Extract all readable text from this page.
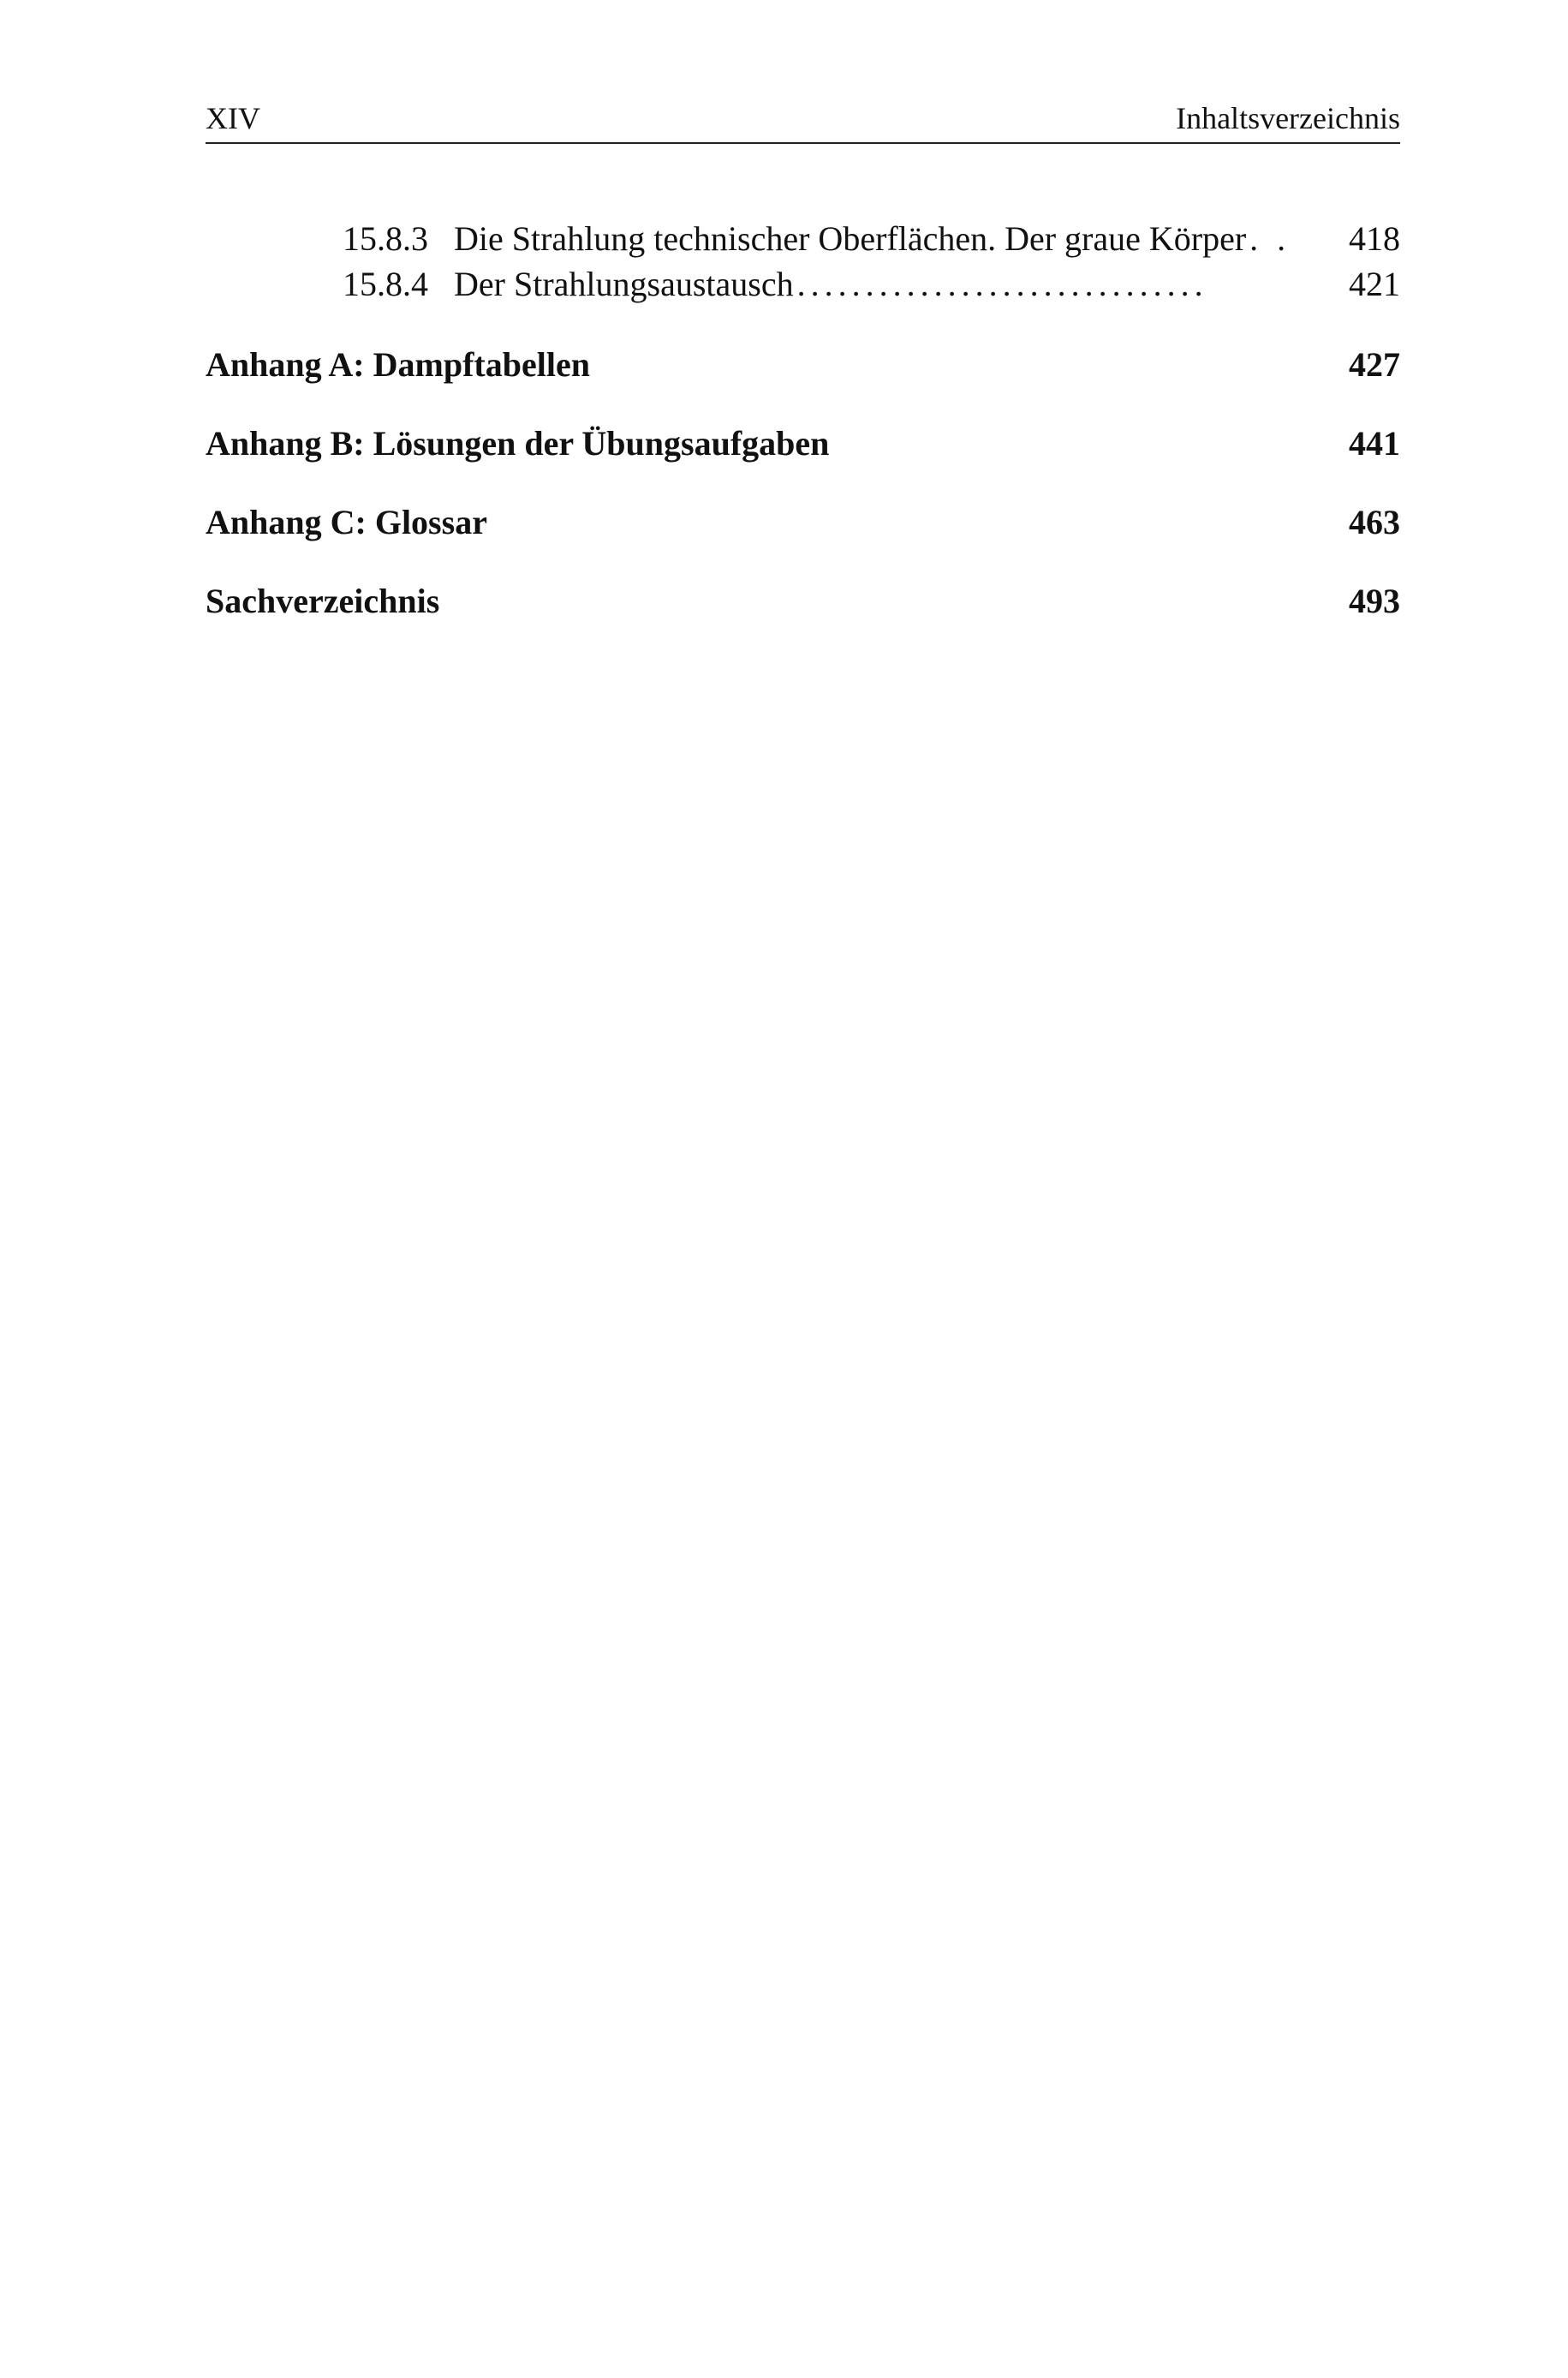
XIV	Inhaltsverzeichnis
15.8.3 Die Strahlung technischer Oberflächen. Der graue Körper . .	418
15.8.4 Der Strahlungsaustausch ..............................	421
Anhang A: Dampftabellen	427
Anhang B: Lösungen der Übungsaufgaben	441
Anhang C: Glossar	463
Sachverzeichnis	493
